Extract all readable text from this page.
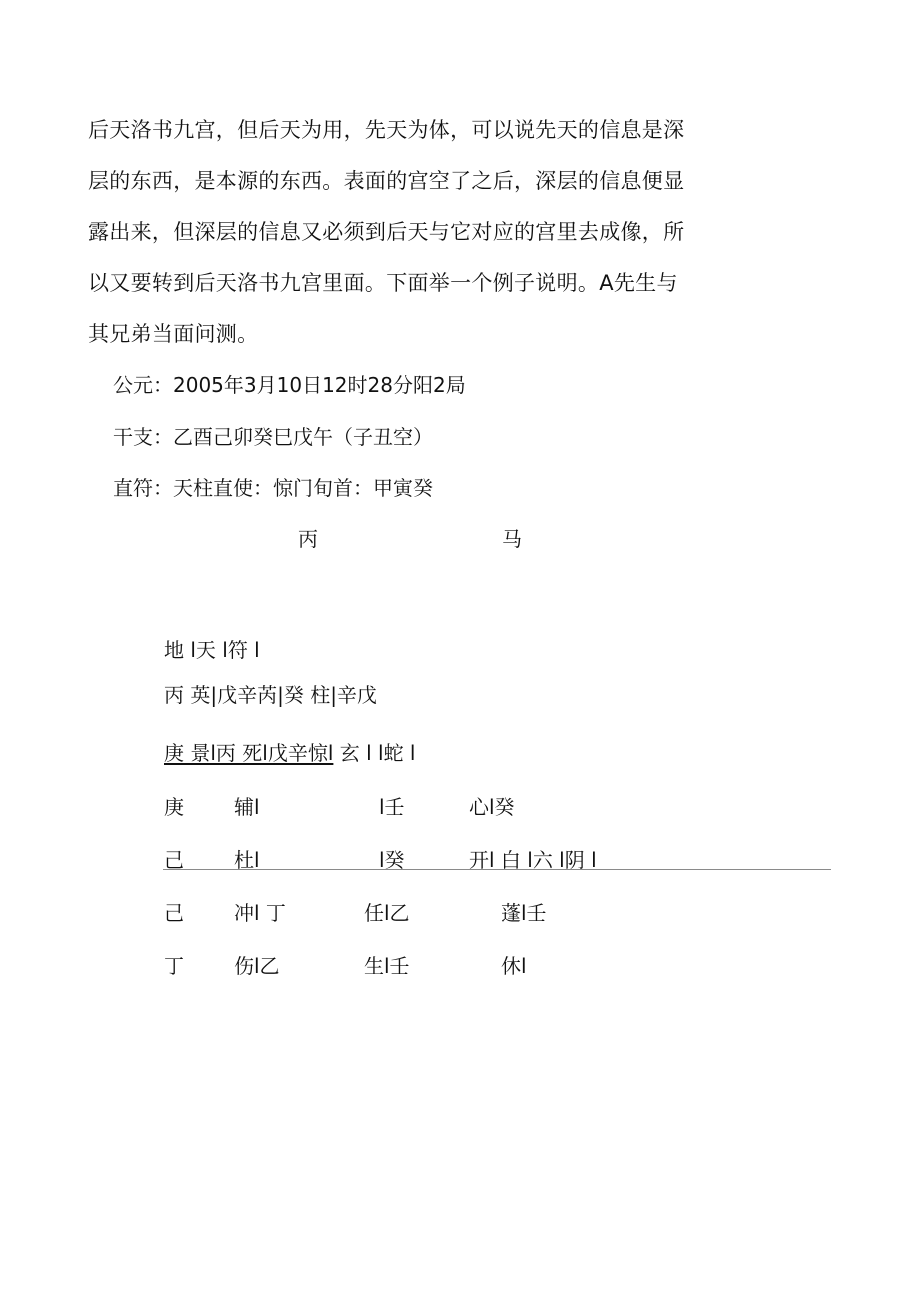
后天洛书九宫，但后天为用，先天为体，可以说先天的信息是深
层的东西，是本源的东西。表面的宫空了之后，深层的信息便显
露出来，但深层的信息又必须到后天与它对应的宫里去成像，所
以又要转到后天洛书九宫里面。下面举一个例子说明。A先生与
其兄弟当面问测。
公元：2005年3月10日12时28分阳2局
干支：乙酉己卯癸巳戊午（子丑空）
直符：天柱直使：惊门旬首：甲寅癸
丙	马
地 l天 l符 l
丙 英|戊辛芮|癸 柱|辛戊
庚 景l丙 死l戊辛惊l 玄 l l蛇 l
庚	辅l	l壬	心l癸
己	杜l	l癸	开l 白 l六 l阴 l
己	冲l 丁	任l乙	蓬l壬
丁	伤l乙	生l壬	休l
